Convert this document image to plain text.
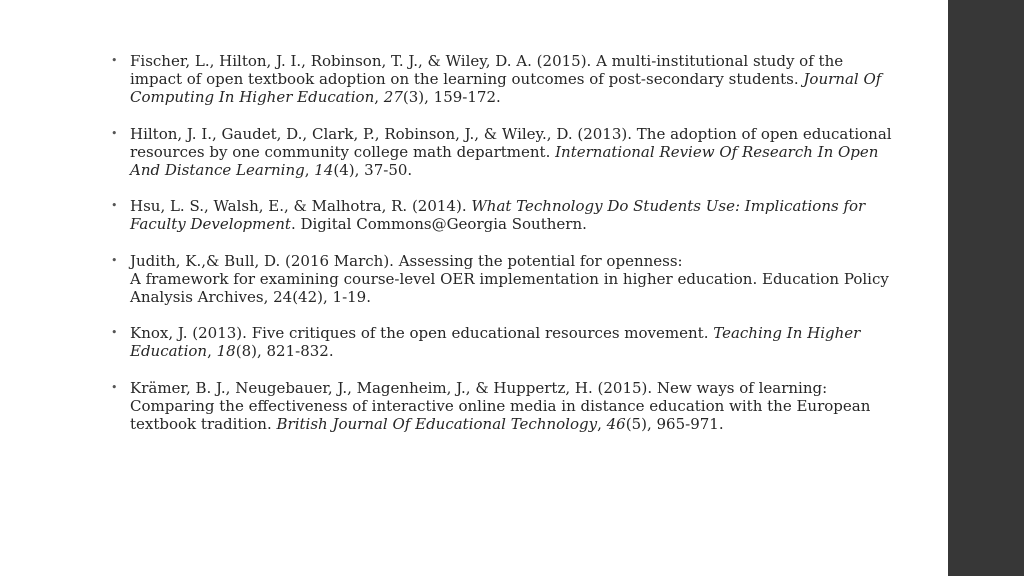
• Fischer, L., Hilton, J. I., Robinson, T. J., & Wiley, D. A. (2015). A multi-institutional study of the impact of open textbook adoption on the learning outcomes of post-secondary students. Journal Of Computing In Higher Education, 27(3), 159-172.
• Hilton, J. I., Gaudet, D., Clark, P., Robinson, J., & Wiley., D. (2013). The adoption of open educational resources by one community college math department. International Review Of Research In Open And Distance Learning, 14(4), 37-50.
• Hsu, L. S., Walsh, E., & Malhotra, R. (2014). What Technology Do Students Use: Implications for Faculty Development. Digital Commons@Georgia Southern.
• Judith, K.,& Bull, D. (2016 March). Assessing the potential for openness:
A framework for examining course-level OER implementation in higher education. Education Policy Analysis Archives, 24(42), 1-19.
• Knox, J. (2013). Five critiques of the open educational resources movement. Teaching In Higher Education, 18(8), 821-832.
• Krämer, B. J., Neugebauer, J., Magenheim, J., & Huppertz, H. (2015). New ways of learning: Comparing the effectiveness of interactive online media in distance education with the European textbook tradition. British Journal Of Educational Technology, 46(5), 965-971.
